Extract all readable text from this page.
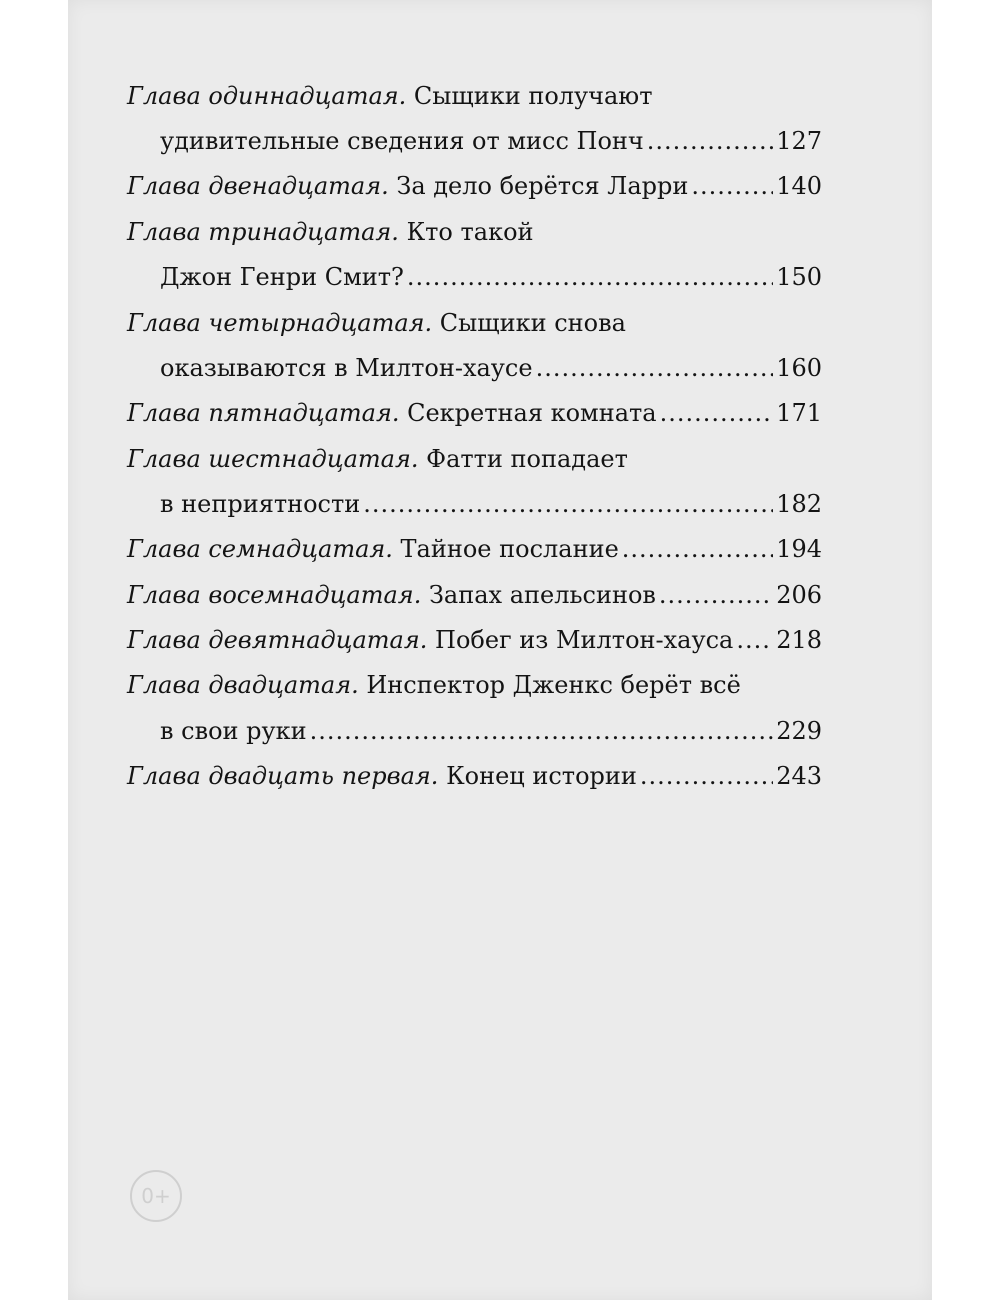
Глава одиннадцатая. Сыщики получают
удивительные сведения от мисс Понч .....	127
Глава двенадцатая.
За дело берётся Ларри .....	140
Глава тринадцатая. Кто такой
Джон Генри Смит? .....	150
Глава четырнадцатая. Сыщики снова
оказываются в Милтон-хаусе .....	160
Глава пятнадцатая.
Секретная комната .....	171
Глава шестнадцатая. Фатти попадает
в неприятности .....	182
Глава семнадцатая.
Тайное послание .....	194
Глава восемнадцатая.
Запах апельсинов .....	206
Глава девятнадцатая.
Побег из Милтон-хауса ..... 218
Глава двадцатая. Инспектор Дженкс берёт всё
в свои руки .....	229
Глава двадцать первая.
Конец истории .....	243
0+
